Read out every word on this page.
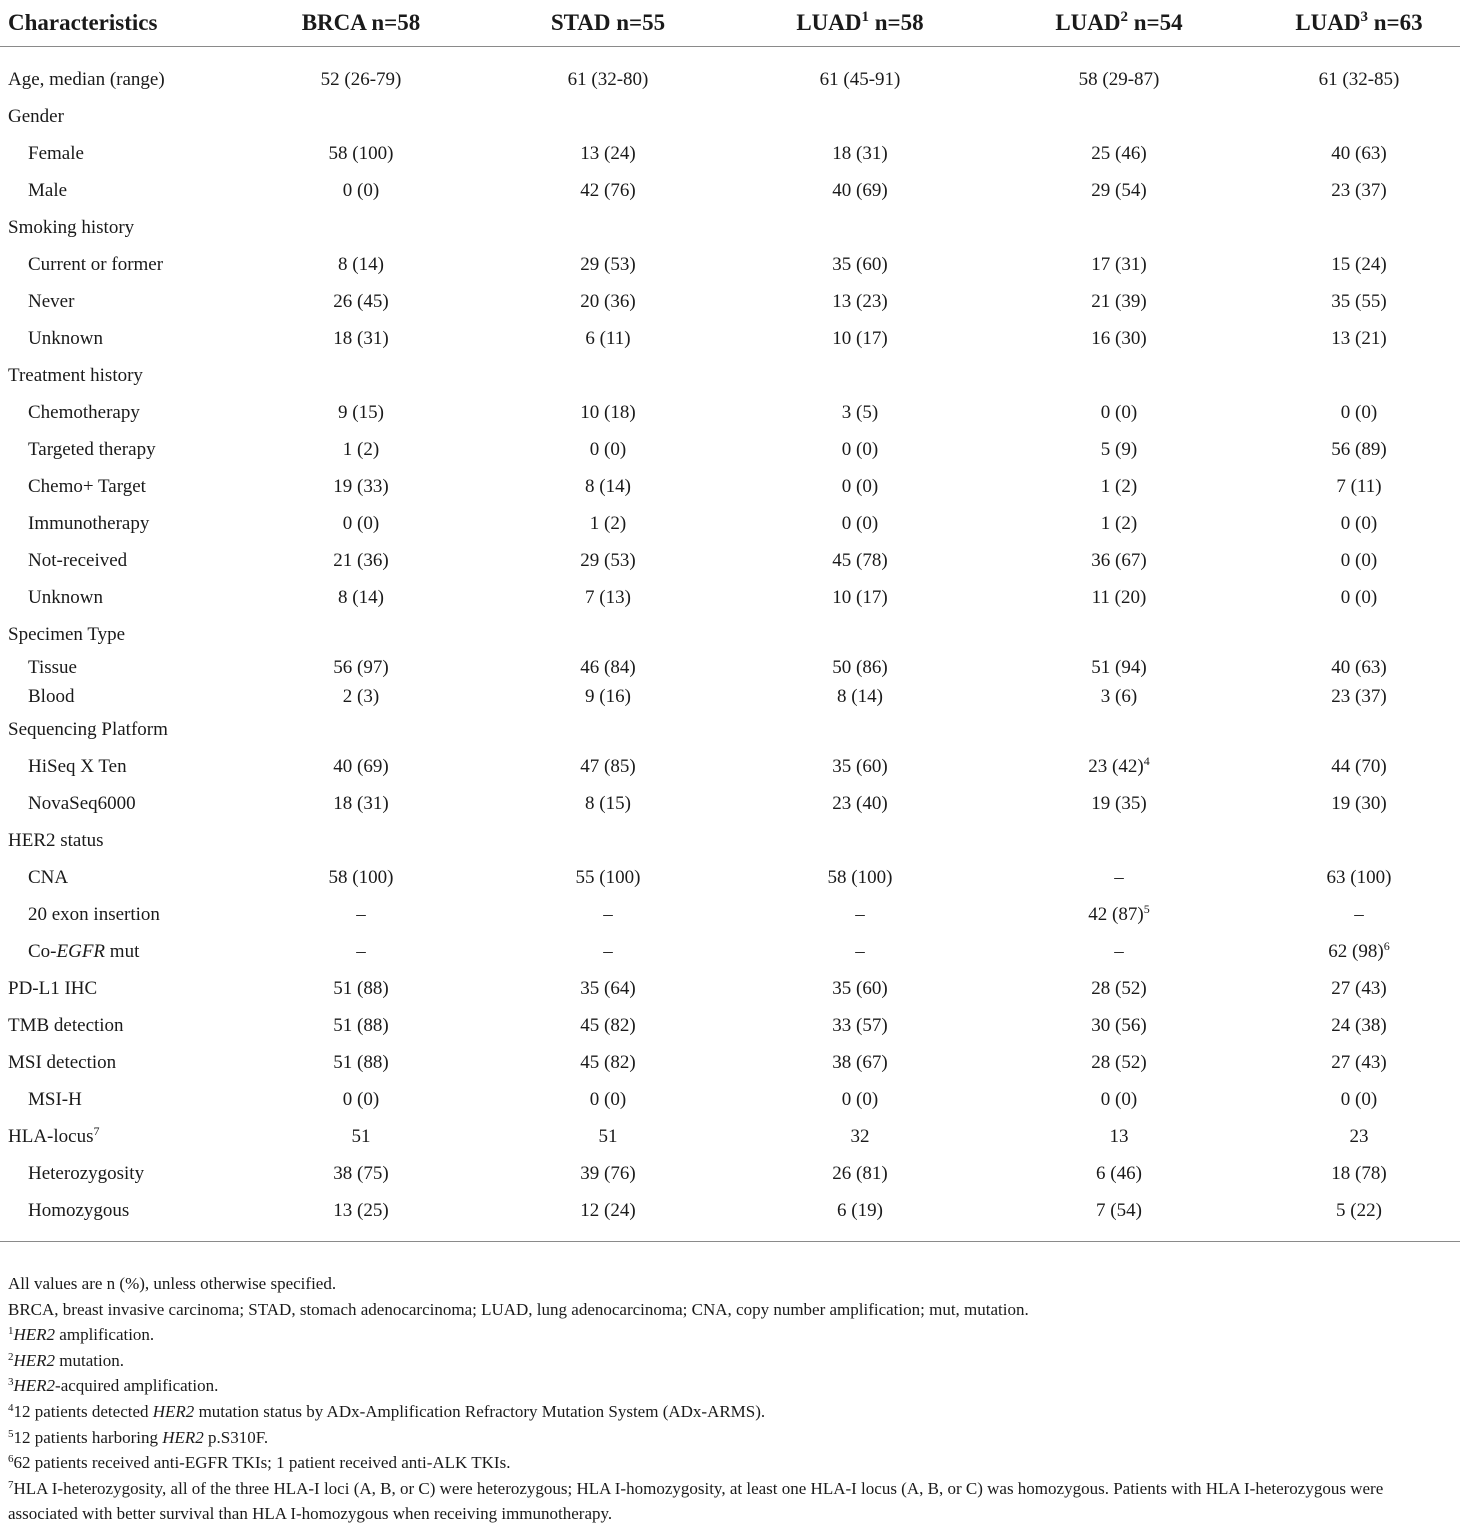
Characteristics	BRCA n=58	STAD n=55	LUAD$^1$ n=58	LUAD$^2$ n=54	LUAD$^3$ n=63
Age, median (range)	52 (26-79)	61 (32-80)	61 (45-91)	58 (29-87)	61 (32-85)
Gender					
Female	58 (100)	13 (24)	18 (31)	25 (46)	40 (63)
Male	0 (0)	42 (76)	40 (69)	29 (54)	23 (37)
Smoking history					
Current or former	8 (14)	29 (53)	35 (60)	17 (31)	15 (24)
Never	26 (45)	20 (36)	13 (23)	21 (39)	35 (55)
Unknown	18 (31)	6 (11)	10 (17)	16 (30)	13 (21)
Treatment history					
Chemotherapy	9 (15)	10 (18)	3 (5)	0 (0)	0 (0)
Targeted therapy	1 (2)	0 (0)	0 (0)	5 (9)	56 (89)
Chemo+ Target	19 (33)	8 (14)	0 (0)	1 (2)	7 (11)
Immunotherapy	0 (0)	1 (2)	0 (0)	1 (2)	0 (0)
Not-received	21 (36)	29 (53)	45 (78)	36 (67)	0 (0)
Unknown	8 (14)	7 (13)	10 (17)	11 (20)	0 (0)
Specimen Type					
Tissue	56 (97)	46 (84)	50 (86)	51 (94)	40 (63)
Blood	2 (3)	9 (16)	8 (14)	3 (6)	23 (37)
Sequencing Platform					
HiSeq X Ten	40 (69)	47 (85)	35 (60)	23 $(42)^4$	44 (70)
NovaSeq6000	18 (31)	8 (15)	23 (40)	19 (35)	19 (30)
HER2 status					
CNA	58 (100)	55 (100)	58 (100)	–	63 (100)
20 exon insertion	–	–	–	42 $(87)^5$	–
Co-EGFR mut	–	–	–	–	62 $(98)^6$
PD-L1 IHC	51 (88)	35 (64)	35 (60)	28 (52)	27 (43)
TMB detection	51 (88)	45 (82)	33 (57)	30 (56)	24 (38)
MSI detection	51 (88)	45 (82)	38 (67)	28 (52)	27 (43)
MSI-H	0 (0)	0 (0)	0 (0)	0 (0)	0 (0)
HLA-locus$^7$	51	51	32	13	23
Heterozygosity	38 (75)	39 (76)	26 (81)	6 (46)	18 (78)
Homozygous	13 (25)	12 (24)	6 (19)	7 (54)	5 (22)

All values are n (%), unless otherwise specified.

BRCA, breast invasive carcinoma; STAD, stomach adenocarcinoma; LUAD, lung adenocarcinoma; CNA, copy number amplification; mut, mutation.

$^1$HER2 amplification.

$^2$HER2 mutation.

$^3$HER2-acquired amplification.

$^4$12 patients detected HER2 mutation status by ADx-Amplification Refractory Mutation System (ADx-ARMS).

$^5$12 patients harboring HER2 p.S310F.

$^6$62 patients received anti-EGFR TKIs; 1 patient received anti-ALK TKIs.

$^7$HLA I-heterozygosity, all of the three HLA-I loci (A, B, or C) were heterozygous; HLA I-homozygosity, at least one HLA-I locus (A, B, or C) was homozygous. Patients with HLA I-heterozygous were associated with better survival than HLA I-homozygous when receiving immunotherapy.
